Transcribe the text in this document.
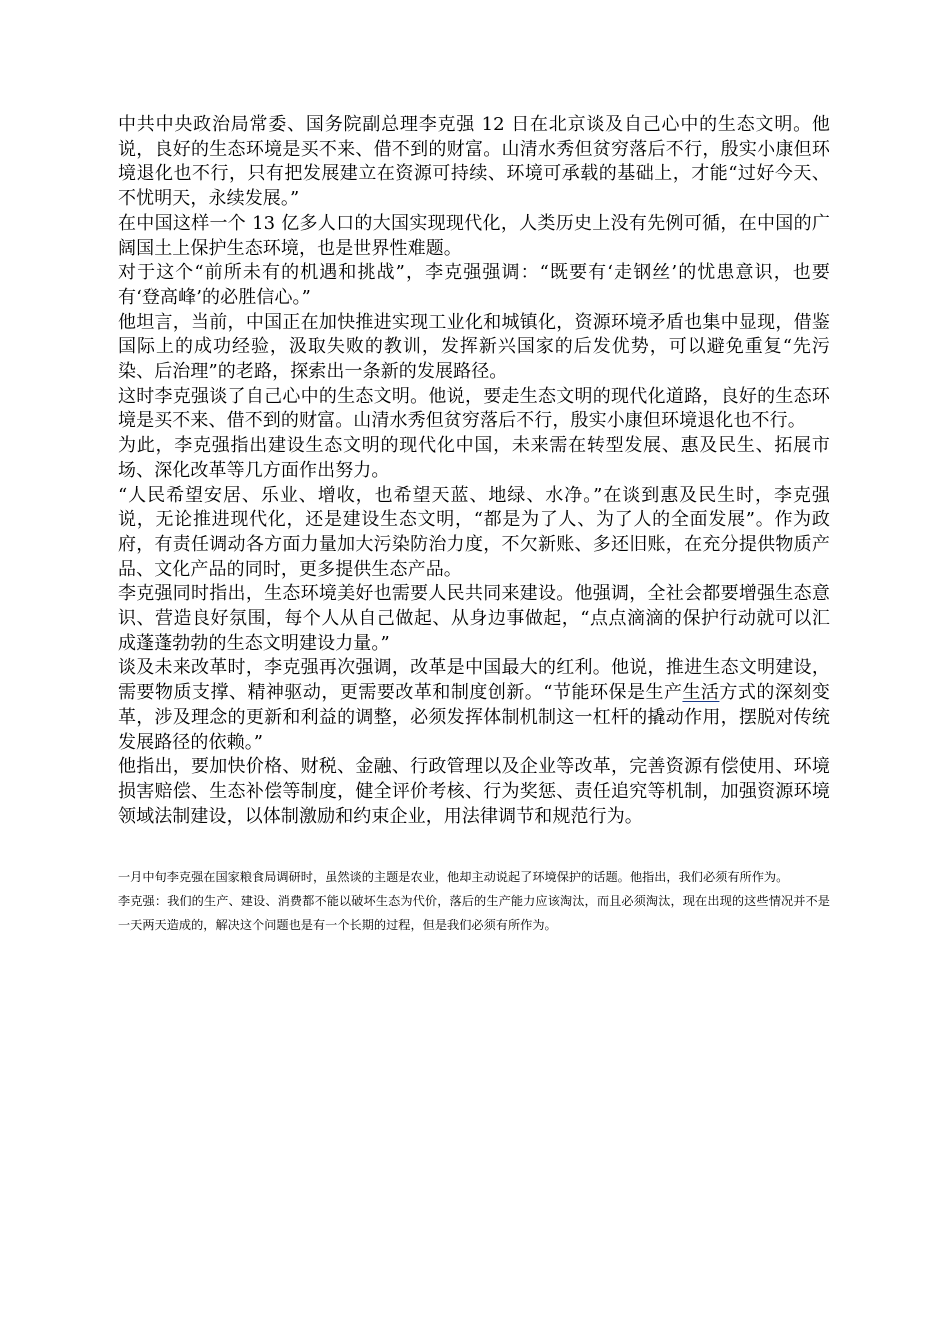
中共中央政治局常委、国务院副总理李克强 12 日在北京谈及自己心中的生态文明。他说，良好的生态环境是买不来、借不到的财富。山清水秀但贫穷落后不行，殷实小康但环境退化也不行，只有把发展建立在资源可持续、环境可承载的基础上，才能“过好今天、不忧明天，永续发展。”

在中国这样一个 13 亿多人口的大国实现现代化，人类历史上没有先例可循，在中国的广阔国土上保护生态环境，也是世界性难题。

对于这个“前所未有的机遇和挑战”，李克强强调：“既要有‘走钢丝’的忧患意识，也要有‘登高峰’的必胜信心。”

他坦言，当前，中国正在加快推进实现工业化和城镇化，资源环境矛盾也集中显现，借鉴国际上的成功经验，汲取失败的教训，发挥新兴国家的后发优势，可以避免重复“先污染、后治理”的老路，探索出一条新的发展路径。

这时李克强谈了自己心中的生态文明。他说，要走生态文明的现代化道路，良好的生态环境是买不来、借不到的财富。山清水秀但贫穷落后不行，殷实小康但环境退化也不行。

为此，李克强指出建设生态文明的现代化中国，未来需在转型发展、惠及民生、拓展市场、深化改革等几方面作出努力。

“人民希望安居、乐业、增收，也希望天蓝、地绿、水净。”在谈到惠及民生时，李克强说，无论推进现代化，还是建设生态文明，“都是为了人、为了人的全面发展”。作为政府，有责任调动各方面力量加大污染防治力度，不欠新账、多还旧账，在充分提供物质产品、文化产品的同时，更多提供生态产品。

李克强同时指出，生态环境美好也需要人民共同来建设。他强调，全社会都要增强生态意识、营造良好氛围，每个人从自己做起、从身边事做起，“点点滴滴的保护行动就可以汇成蓬蓬勃勃的生态文明建设力量。”

谈及未来改革时，李克强再次强调，改革是中国最大的红利。他说，推进生态文明建设，需要物质支撑、精神驱动，更需要改革和制度创新。“节能环保是生产生活方式的深刻变革，涉及理念的更新和利益的调整，必须发挥体制机制这一杠杆的撬动作用，摆脱对传统发展路径的依赖。”

他指出，要加快价格、财税、金融、行政管理以及企业等改革，完善资源有偿使用、环境损害赔偿、生态补偿等制度，健全评价考核、行为奖惩、责任追究等机制，加强资源环境领域法制建设，以体制激励和约束企业，用法律调节和规范行为。

一月中旬李克强在国家粮食局调研时，虽然谈的主题是农业，他却主动说起了环境保护的话题。他指出，我们必须有所作为。

李克强：我们的生产、建设、消费都不能以破坏生态为代价，落后的生产能力应该淘汰，而且必须淘汰，现在出现的这些情况并不是一天两天造成的，解决这个问题也是有一个长期的过程，但是我们必须有所作为。
